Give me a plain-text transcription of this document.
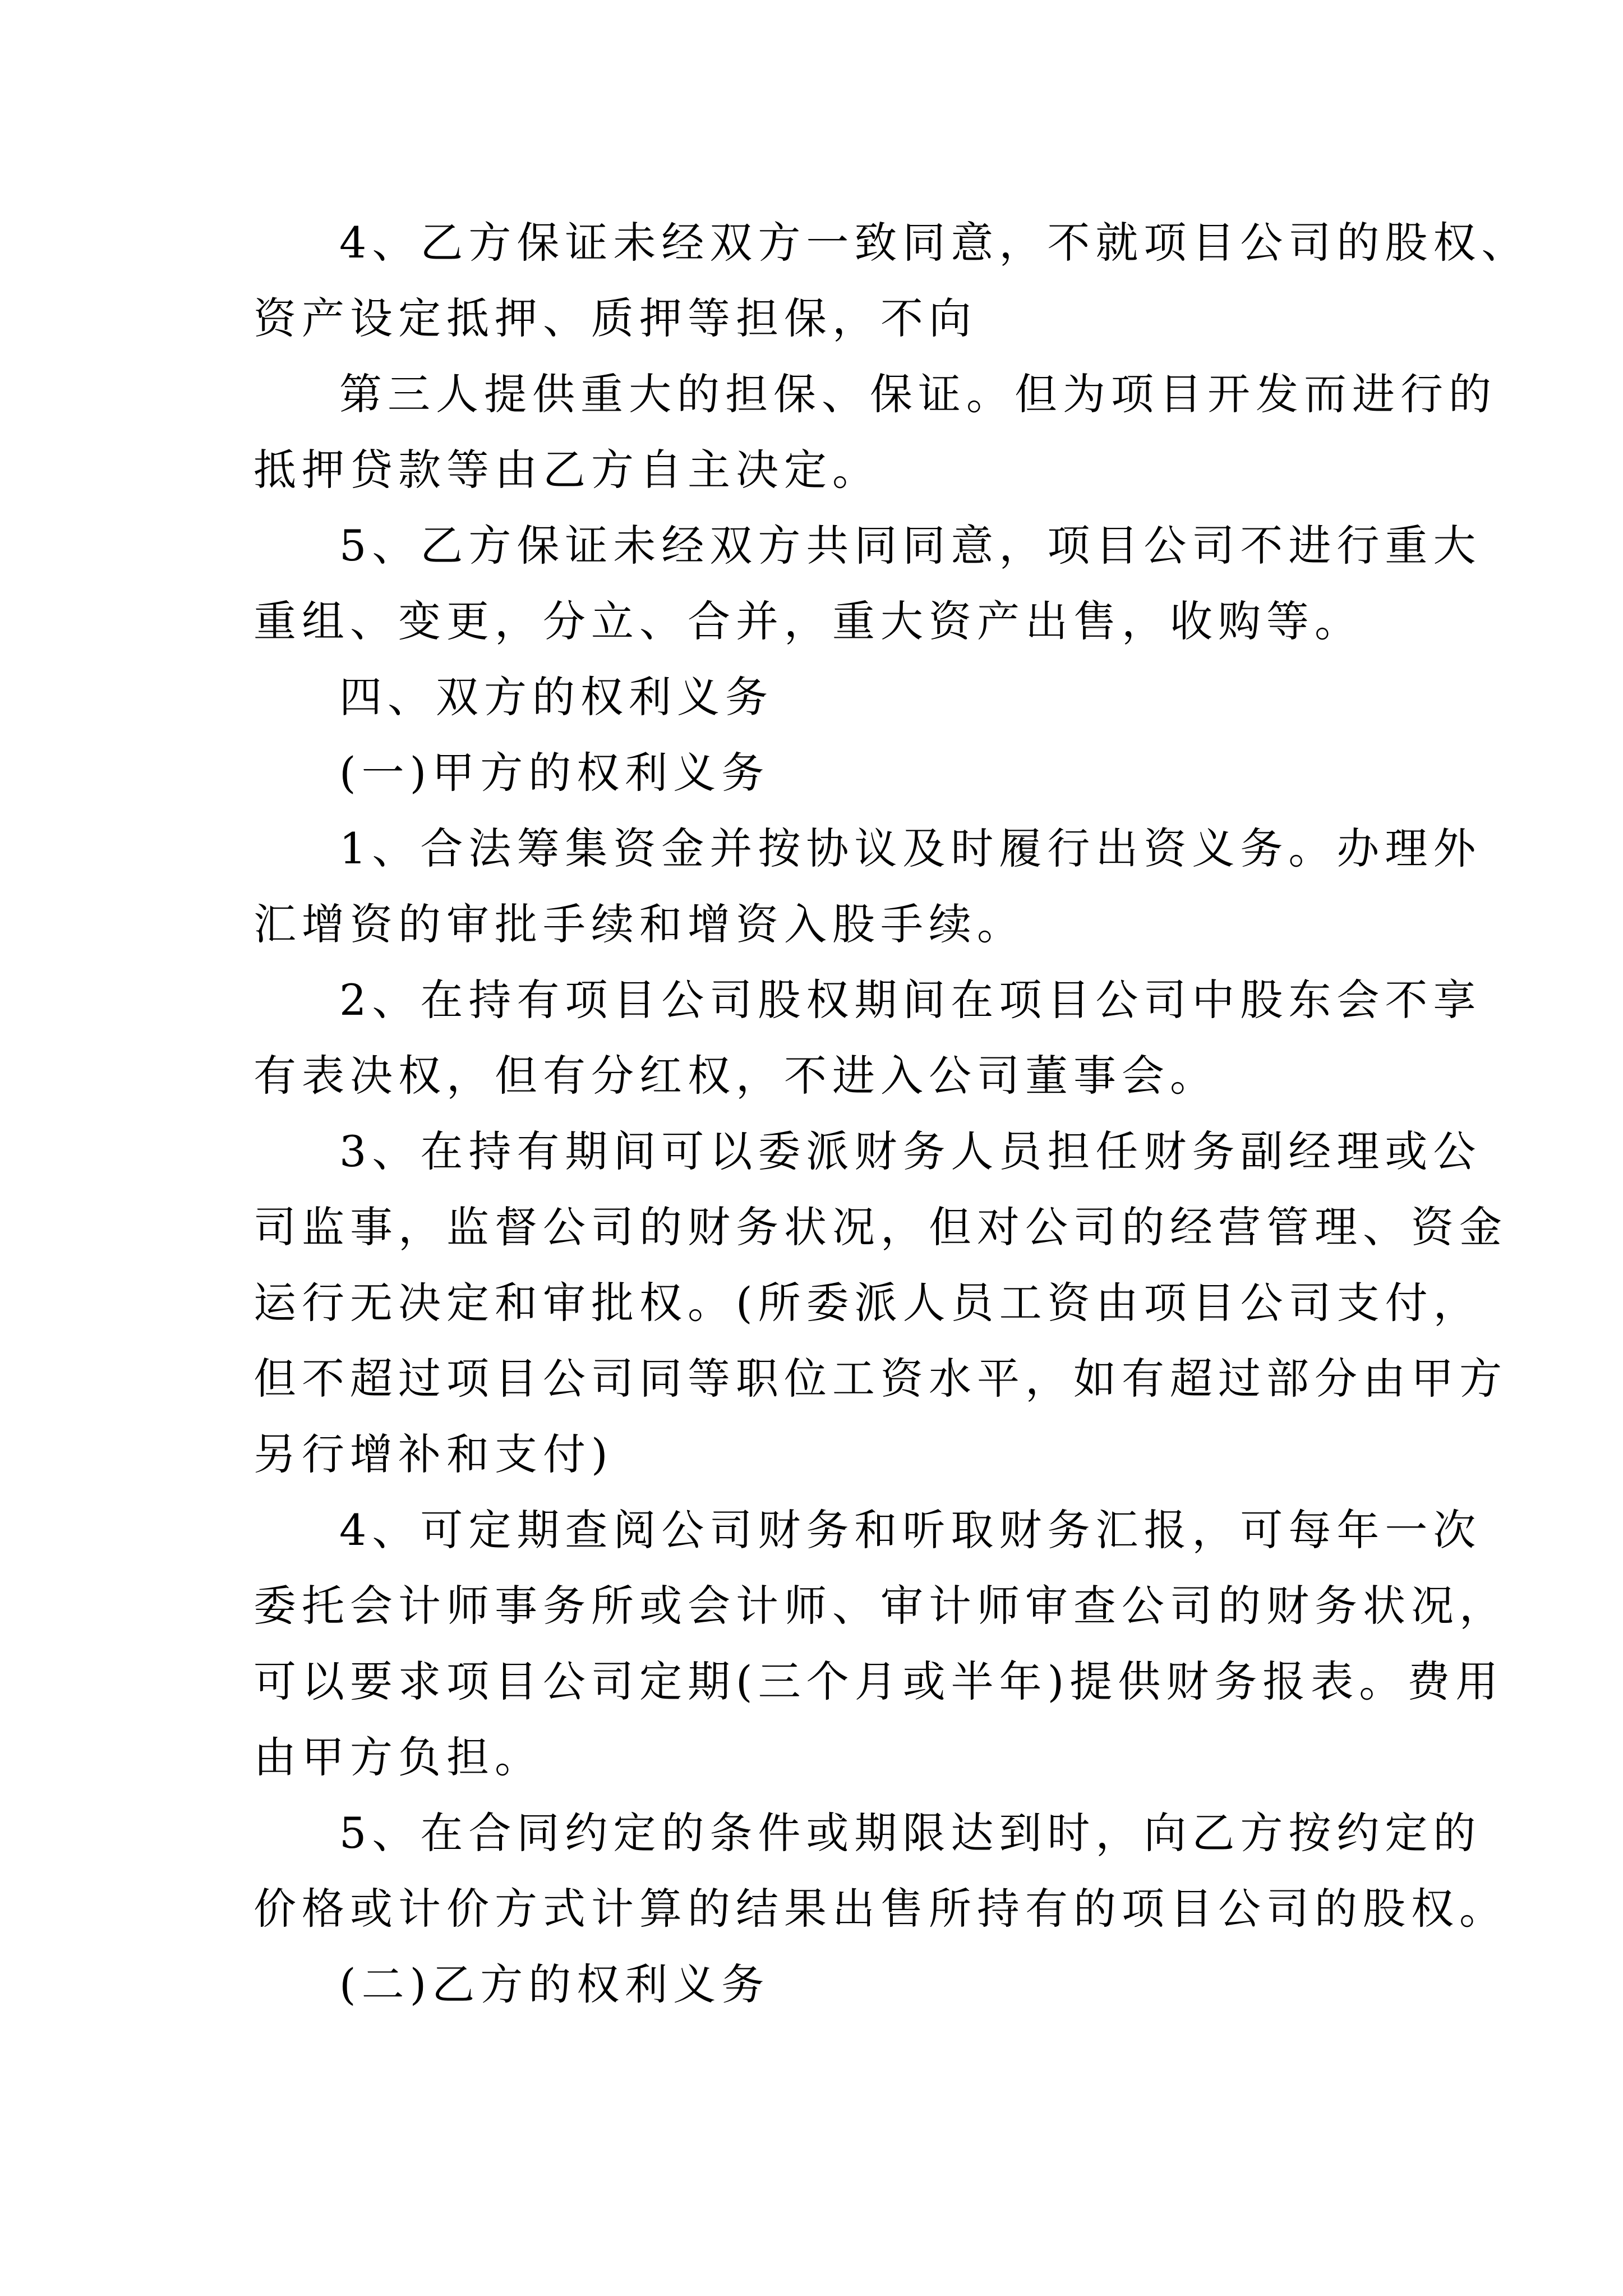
4、乙方保证未经双方一致同意，不就项目公司的股权、
资产设定抵押、质押等担保，不向
第三人提供重大的担保、保证。但为项目开发而进行的
抵押贷款等由乙方自主决定。
5、乙方保证未经双方共同同意，项目公司不进行重大
重组、变更，分立、合并，重大资产出售，收购等。
四、双方的权利义务
(一)甲方的权利义务
1、合法筹集资金并按协议及时履行出资义务。办理外
汇增资的审批手续和增资入股手续。
2、在持有项目公司股权期间在项目公司中股东会不享
有表决权，但有分红权，不进入公司董事会。
3、在持有期间可以委派财务人员担任财务副经理或公
司监事，监督公司的财务状况，但对公司的经营管理、资金
运行无决定和审批权。(所委派人员工资由项目公司支付，
但不超过项目公司同等职位工资水平，如有超过部分由甲方
另行增补和支付)
4、可定期查阅公司财务和听取财务汇报，可每年一次
委托会计师事务所或会计师、审计师审查公司的财务状况，
可以要求项目公司定期(三个月或半年)提供财务报表。费用
由甲方负担。
5、在合同约定的条件或期限达到时，向乙方按约定的
价格或计价方式计算的结果出售所持有的项目公司的股权。
(二)乙方的权利义务
